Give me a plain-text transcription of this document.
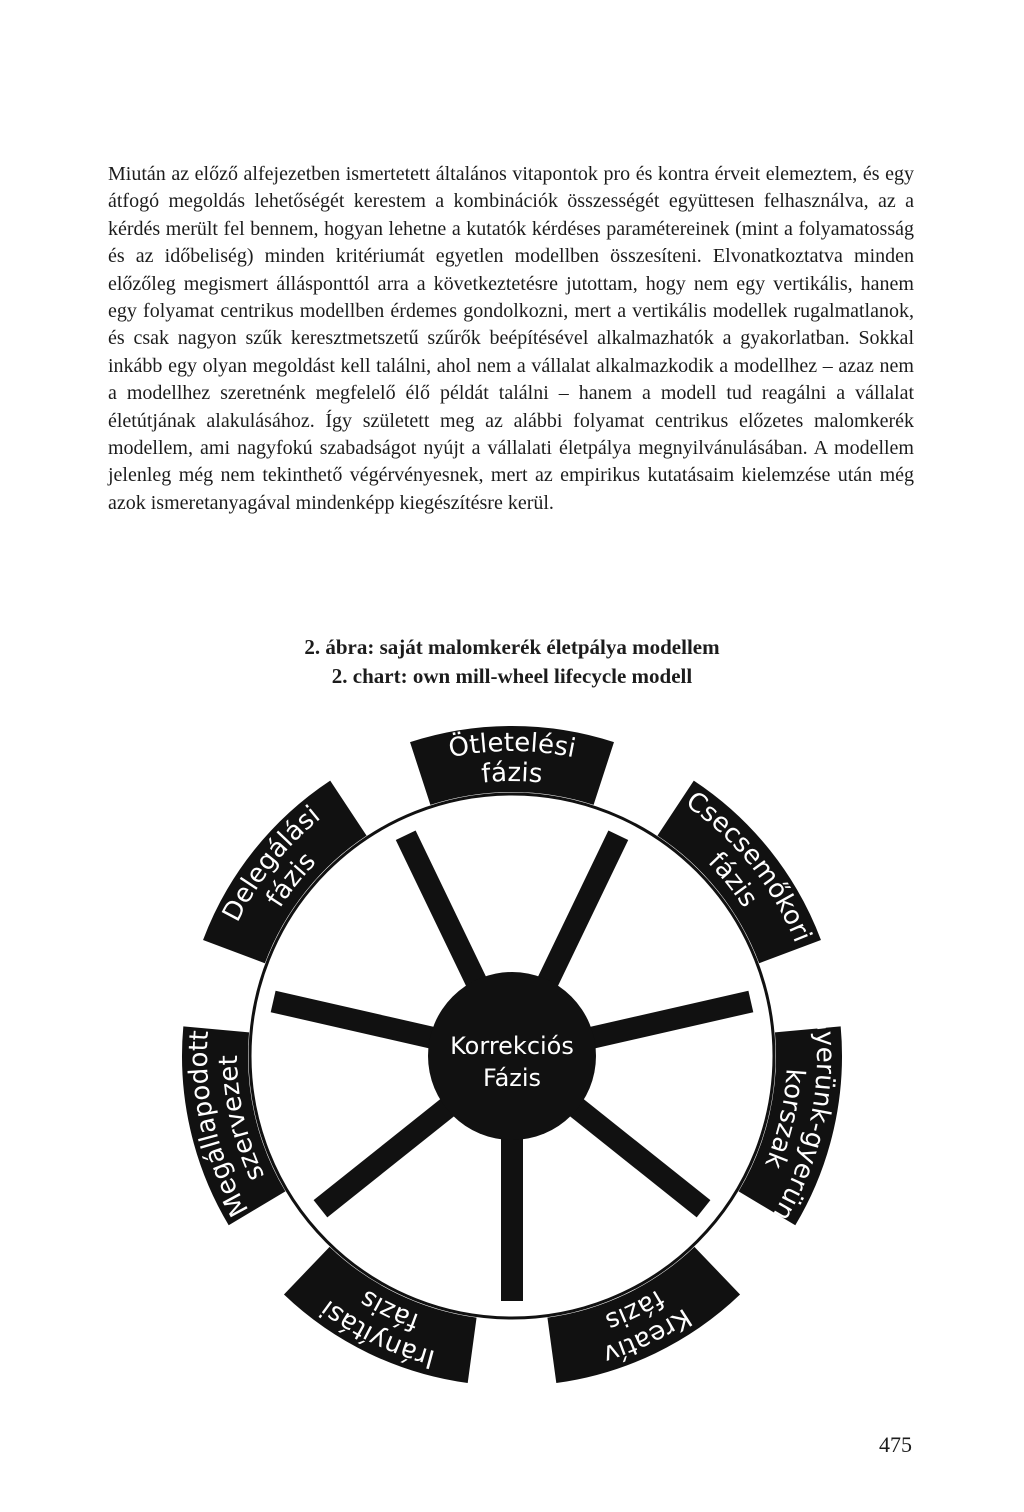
Miután az előző alfejezetben ismertetett általános vitapontok pro és kontra érveit elemeztem, és egy átfogó megoldás lehetőségét kerestem a kombinációk összességét együttesen felhasználva, az a kérdés merült fel bennem, hogyan lehetne a kutatók kérdéses paramétereinek (mint a folyamatosság és az időbeliség) minden kritériumát egyetlen modellben összesíteni. Elvonatkoztatva minden előzőleg megismert állásponttól arra a következtetésre jutottam, hogy nem egy vertikális, hanem egy folyamat centrikus modellben érdemes gondolkozni, mert a vertikális modellek rugalmatlanok, és csak nagyon szűk keresztmetszetű szűrők beépítésével alkalmazhatók a gyakorlatban. Sokkal inkább egy olyan megoldást kell találni, ahol nem a vállalat alkalmazkodik a modellhez – azaz nem a modellhez szeretnénk megfelelő élő példát találni – hanem a modell tud reagálni a vállalat életútjának alakulásához. Így született meg az alábbi folyamat centrikus előzetes malomkerék modellem, ami nagyfokú szabadságot nyújt a vállalati életpálya megnyilvánulásában. A modellem jelenleg még nem tekinthető végérvényesnek, mert az empirikus kutatásaim kielemzése után még azok ismeretanyagával mindenképp kiegészítésre kerül.

2. ábra: saját malomkerék életpálya modellem

2. chart: own mill-wheel lifecycle modell

Ötletelési
fázis
Csecsemőkori
fázis
Gyerünk-gyerünk
korszak
Kreatív
fázis
Irányítási	fázis
Megállapodott
szervezet
Delegálási
fázis
Korrekciós
Fázis
475
